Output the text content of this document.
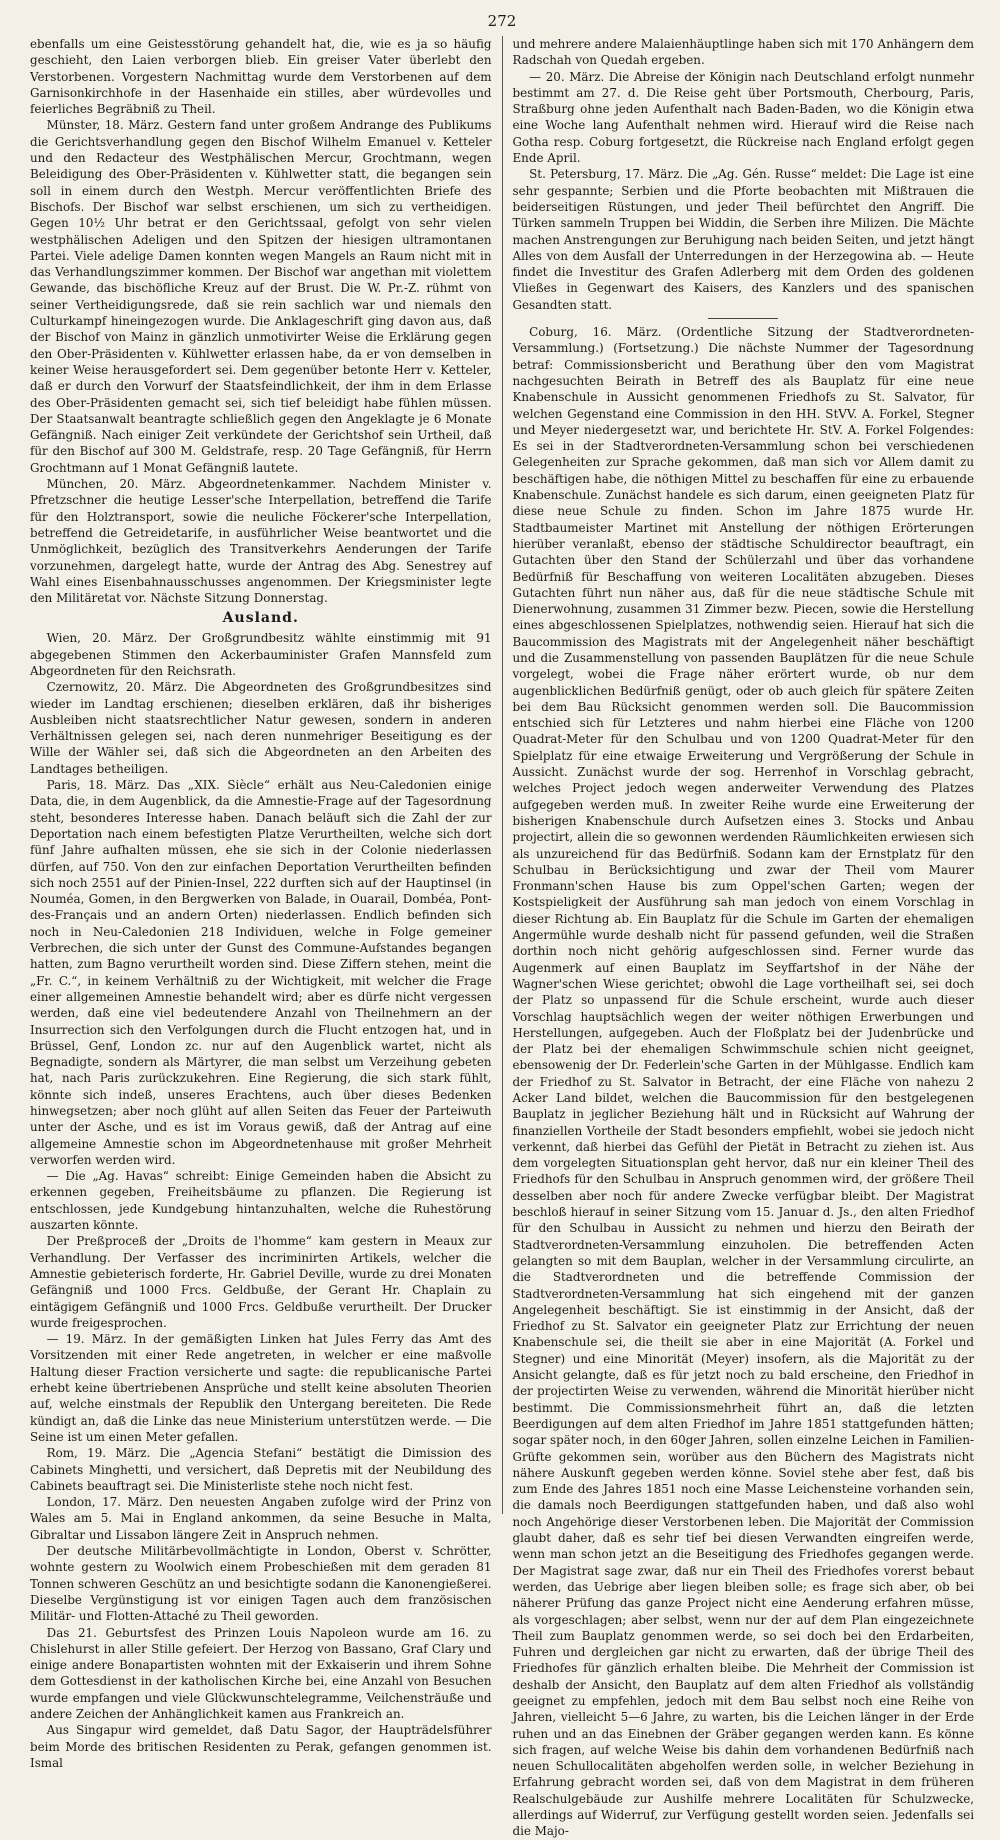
272

ebenfalls um eine Geistesstörung gehandelt hat, die, wie es ja so häufig geschieht, den Laien verborgen blieb. Ein greiser Vater überlebt den Verstorbenen. Vorgestern Nachmittag wurde dem Verstorbenen auf dem Garnisonkirchhofe in der Hasenhaide ein stilles, aber würdevolles und feierliches Begräbniß zu Theil.

Münster, 18. März. Gestern fand unter großem Andrange des Publikums die Gerichtsverhandlung gegen den Bischof Wilhelm Emanuel v. Ketteler und den Redacteur des Westphälischen Mercur, Grochtmann, wegen Beleidigung des Ober-Präsidenten v. Kühlwetter statt, die begangen sein soll in einem durch den Westph. Mercur veröffentlichten Briefe des Bischofs. Der Bischof war selbst erschienen, um sich zu vertheidigen. Gegen 10½ Uhr betrat er den Gerichtssaal, gefolgt von sehr vielen westphälischen Adeligen und den Spitzen der hiesigen ultramontanen Partei. Viele adelige Damen konnten wegen Mangels an Raum nicht mit in das Verhandlungszimmer kommen. Der Bischof war angethan mit violettem Gewande, das bischöfliche Kreuz auf der Brust. Die W. Pr.-Z. rühmt von seiner Vertheidigungsrede, daß sie rein sachlich war und niemals den Culturkampf hineingezogen wurde. Die Anklageschrift ging davon aus, daß der Bischof von Mainz in gänzlich unmotivirter Weise die Erklärung gegen den Ober-Präsidenten v. Kühlwetter erlassen habe, da er von demselben in keiner Weise herausgefordert sei. Dem gegenüber betonte Herr v. Ketteler, daß er durch den Vorwurf der Staatsfeindlichkeit, der ihm in dem Erlasse des Ober-Präsidenten gemacht sei, sich tief beleidigt habe fühlen müssen. Der Staatsanwalt beantragte schließlich gegen den Angeklagte je 6 Monate Gefängniß. Nach einiger Zeit verkündete der Gerichtshof sein Urtheil, daß für den Bischof auf 300 M. Geldstrafe, resp. 20 Tage Gefängniß, für Herrn Grochtmann auf 1 Monat Gefängniß lautete.

München, 20. März. Abgeordnetenkammer. Nachdem Minister v. Pfretzschner die heutige Lesser'sche Interpellation, betreffend die Tarife für den Holztransport, sowie die neuliche Föckerer'sche Interpellation, betreffend die Getreidetarife, in ausführlicher Weise beantwortet und die Unmöglichkeit, bezüglich des Transitverkehrs Aenderungen der Tarife vorzunehmen, dargelegt hatte, wurde der Antrag des Abg. Senestrey auf Wahl eines Eisenbahnausschusses angenommen. Der Kriegsminister legte den Militäretat vor. Nächste Sitzung Donnerstag.

Ausland.

Wien, 20. März. Der Großgrundbesitz wählte einstimmig mit 91 abgegebenen Stimmen den Ackerbauminister Grafen Mannsfeld zum Abgeordneten für den Reichsrath.

Czernowitz, 20. März. Die Abgeordneten des Großgrundbesitzes sind wieder im Landtag erschienen; dieselben erklären, daß ihr bisheriges Ausbleiben nicht staatsrechtlicher Natur gewesen, sondern in anderen Verhältnissen gelegen sei, nach deren nunmehriger Beseitigung es der Wille der Wähler sei, daß sich die Abgeordneten an den Arbeiten des Landtages betheiligen.

Paris, 18. März. Das „XIX. Siècle“ erhält aus Neu-Caledonien einige Data, die, in dem Augenblick, da die Amnestie-Frage auf der Tagesordnung steht, besonderes Interesse haben. Danach beläuft sich die Zahl der zur Deportation nach einem befestigten Platze Verurtheilten, welche sich dort fünf Jahre aufhalten müssen, ehe sie sich in der Colonie niederlassen dürfen, auf 750. Von den zur einfachen Deportation Verurtheilten befinden sich noch 2551 auf der Pinien-Insel, 222 durften sich auf der Hauptinsel (in Nouméa, Gomen, in den Bergwerken von Balade, in Ouarail, Dombéa, Pont-des-Français und an andern Orten) niederlassen. Endlich befinden sich noch in Neu-Caledonien 218 Individuen, welche in Folge gemeiner Verbrechen, die sich unter der Gunst des Commune-Aufstandes begangen hatten, zum Bagno verurtheilt worden sind. Diese Ziffern stehen, meint die „Fr. C.“, in keinem Verhältniß zu der Wichtigkeit, mit welcher die Frage einer allgemeinen Amnestie behandelt wird; aber es dürfe nicht vergessen werden, daß eine viel bedeutendere Anzahl von Theilnehmern an der Insurrection sich den Verfolgungen durch die Flucht entzogen hat, und in Brüssel, Genf, London zc. nur auf den Augenblick wartet, nicht als Begnadigte, sondern als Märtyrer, die man selbst um Verzeihung gebeten hat, nach Paris zurückzukehren. Eine Regierung, die sich stark fühlt, könnte sich indeß, unseres Erachtens, auch über dieses Bedenken hinwegsetzen; aber noch glüht auf allen Seiten das Feuer der Parteiwuth unter der Asche, und es ist im Voraus gewiß, daß der Antrag auf eine allgemeine Amnestie schon im Abgeordnetenhause mit großer Mehrheit verworfen werden wird.

— Die „Ag. Havas“ schreibt: Einige Gemeinden haben die Absicht zu erkennen gegeben, Freiheitsbäume zu pflanzen. Die Regierung ist entschlossen, jede Kundgebung hintanzuhalten, welche die Ruhestörung auszarten könnte.

Der Preßproceß der „Droits de l'homme“ kam gestern in Meaux zur Verhandlung. Der Verfasser des incriminirten Artikels, welcher die Amnestie gebieterisch forderte, Hr. Gabriel Deville, wurde zu drei Monaten Gefängniß und 1000 Frcs. Geldbuße, der Gerant Hr. Chaplain zu eintägigem Gefängniß und 1000 Frcs. Geldbuße verurtheilt. Der Drucker wurde freigesprochen.

— 19. März. In der gemäßigten Linken hat Jules Ferry das Amt des Vorsitzenden mit einer Rede angetreten, in welcher er eine maßvolle Haltung dieser Fraction versicherte und sagte: die republicanische Partei erhebt keine übertriebenen Ansprüche und stellt keine absoluten Theorien auf, welche einstmals der Republik den Untergang bereiteten. Die Rede kündigt an, daß die Linke das neue Ministerium unterstützen werde. — Die Seine ist um einen Meter gefallen.

Rom, 19. März. Die „Agencia Stefani“ bestätigt die Dimission des Cabinets Minghetti, und versichert, daß Depretis mit der Neubildung des Cabinets beauftragt sei. Die Ministerliste stehe noch nicht fest.

London, 17. März. Den neuesten Angaben zufolge wird der Prinz von Wales am 5. Mai in England ankommen, da seine Besuche in Malta, Gibraltar und Lissabon längere Zeit in Anspruch nehmen.

Der deutsche Militärbevollmächtigte in London, Oberst v. Schrötter, wohnte gestern zu Woolwich einem Probeschießen mit dem geraden 81 Tonnen schweren Geschütz an und besichtigte sodann die Kanonengießerei. Dieselbe Vergünstigung ist vor einigen Tagen auch dem französischen Militär- und Flotten-Attaché zu Theil geworden.

Das 21. Geburtsfest des Prinzen Louis Napoleon wurde am 16. zu Chislehurst in aller Stille gefeiert. Der Herzog von Bassano, Graf Clary und einige andere Bonapartisten wohnten mit der Exkaiserin und ihrem Sohne dem Gottesdienst in der katholischen Kirche bei, eine Anzahl von Besuchen wurde empfangen und viele Glückwunschtelegramme, Veilchensträuße und andere Zeichen der Anhänglichkeit kamen aus Frankreich an.

Aus Singapur wird gemeldet, daß Datu Sagor, der Haupträdelsführer beim Morde des britischen Residenten zu Perak, gefangen genommen ist. Ismal

und mehrere andere Malaienhäuptlinge haben sich mit 170 Anhängern dem Radschah von Quedah ergeben.

— 20. März. Die Abreise der Königin nach Deutschland erfolgt nunmehr bestimmt am 27. d. Die Reise geht über Portsmouth, Cherbourg, Paris, Straßburg ohne jeden Aufenthalt nach Baden-Baden, wo die Königin etwa eine Woche lang Aufenthalt nehmen wird. Hierauf wird die Reise nach Gotha resp. Coburg fortgesetzt, die Rückreise nach England erfolgt gegen Ende April.

St. Petersburg, 17. März. Die „Ag. Gén. Russe“ meldet: Die Lage ist eine sehr gespannte; Serbien und die Pforte beobachten mit Mißtrauen die beiderseitigen Rüstungen, und jeder Theil befürchtet den Angriff. Die Türken sammeln Truppen bei Widdin, die Serben ihre Milizen. Die Mächte machen Anstrengungen zur Beruhigung nach beiden Seiten, und jetzt hängt Alles von dem Ausfall der Unterredungen in der Herzegowina ab. — Heute findet die Investitur des Grafen Adlerberg mit dem Orden des goldenen Vließes in Gegenwart des Kaisers, des Kanzlers und des spanischen Gesandten statt.

Coburg, 16. März. (Ordentliche Sitzung der Stadtverordneten-Versammlung.) (Fortsetzung.) Die nächste Nummer der Tagesordnung betraf: Commissionsbericht und Berathung über den vom Magistrat nachgesuchten Beirath in Betreff des als Bauplatz für eine neue Knabenschule in Aussicht genommenen Friedhofs zu St. Salvator, für welchen Gegenstand eine Commission in den HH. StVV. A. Forkel, Stegner und Meyer niedergesetzt war, und berichtete Hr. StV. A. Forkel Folgendes: Es sei in der Stadtverordneten-Versammlung schon bei verschiedenen Gelegenheiten zur Sprache gekommen, daß man sich vor Allem damit zu beschäftigen habe, die nöthigen Mittel zu beschaffen für eine zu erbauende Knabenschule. Zunächst handele es sich darum, einen geeigneten Platz für diese neue Schule zu finden. Schon im Jahre 1875 wurde Hr. Stadtbaumeister Martinet mit Anstellung der nöthigen Erörterungen hierüber veranlaßt, ebenso der städtische Schuldirector beauftragt, ein Gutachten über den Stand der Schülerzahl und über das vorhandene Bedürfniß für Beschaffung von weiteren Localitäten abzugeben. Dieses Gutachten führt nun näher aus, daß für die neue städtische Schule mit Dienerwohnung, zusammen 31 Zimmer bezw. Piecen, sowie die Herstellung eines abgeschlossenen Spielplatzes, nothwendig seien. Hierauf hat sich die Baucommission des Magistrats mit der Angelegenheit näher beschäftigt und die Zusammenstellung von passenden Bauplätzen für die neue Schule vorgelegt, wobei die Frage näher erörtert wurde, ob nur dem augenblicklichen Bedürfniß genügt, oder ob auch gleich für spätere Zeiten bei dem Bau Rücksicht genommen werden soll. Die Baucommission entschied sich für Letzteres und nahm hierbei eine Fläche von 1200 Quadrat-Meter für den Schulbau und von 1200 Quadrat-Meter für den Spielplatz für eine etwaige Erweiterung und Vergrößerung der Schule in Aussicht. Zunächst wurde der sog. Herrenhof in Vorschlag gebracht, welches Project jedoch wegen anderweiter Verwendung des Platzes aufgegeben werden muß. In zweiter Reihe wurde eine Erweiterung der bisherigen Knabenschule durch Aufsetzen eines 3. Stocks und Anbau projectirt, allein die so gewonnen werdenden Räumlichkeiten erwiesen sich als unzureichend für das Bedürfniß. Sodann kam der Ernstplatz für den Schulbau in Berücksichtigung und zwar der Theil vom Maurer Fronmann'schen Hause bis zum Oppel'schen Garten; wegen der Kostspieligkeit der Ausführung sah man jedoch von einem Vorschlag in dieser Richtung ab. Ein Bauplatz für die Schule im Garten der ehemaligen Angermühle wurde deshalb nicht für passend gefunden, weil die Straßen dorthin noch nicht gehörig aufgeschlossen sind. Ferner wurde das Augenmerk auf einen Bauplatz im Seyffartshof in der Nähe der Wagner'schen Wiese gerichtet; obwohl die Lage vortheilhaft sei, sei doch der Platz so unpassend für die Schule erscheint, wurde auch dieser Vorschlag hauptsächlich wegen der weiter nöthigen Erwerbungen und Herstellungen, aufgegeben. Auch der Floßplatz bei der Judenbrücke und der Platz bei der ehemaligen Schwimmschule schien nicht geeignet, ebensowenig der Dr. Federlein'sche Garten in der Mühlgasse. Endlich kam der Friedhof zu St. Salvator in Betracht, der eine Fläche von nahezu 2 Acker Land bildet, welchen die Baucommission für den bestgelegenen Bauplatz in jeglicher Beziehung hält und in Rücksicht auf Wahrung der finanziellen Vortheile der Stadt besonders empfiehlt, wobei sie jedoch nicht verkennt, daß hierbei das Gefühl der Pietät in Betracht zu ziehen ist. Aus dem vorgelegten Situationsplan geht hervor, daß nur ein kleiner Theil des Friedhofs für den Schulbau in Anspruch genommen wird, der größere Theil desselben aber noch für andere Zwecke verfügbar bleibt. Der Magistrat beschloß hierauf in seiner Sitzung vom 15. Januar d. Js., den alten Friedhof für den Schulbau in Aussicht zu nehmen und hierzu den Beirath der Stadtverordneten-Versammlung einzuholen. Die betreffenden Acten gelangten so mit dem Bauplan, welcher in der Versammlung circulirte, an die Stadtverordneten und die betreffende Commission der Stadtverordneten-Versammlung hat sich eingehend mit der ganzen Angelegenheit beschäftigt. Sie ist einstimmig in der Ansicht, daß der Friedhof zu St. Salvator ein geeigneter Platz zur Errichtung der neuen Knabenschule sei, die theilt sie aber in eine Majorität (A. Forkel und Stegner) und eine Minorität (Meyer) insofern, als die Majorität zu der Ansicht gelangte, daß es für jetzt noch zu bald erscheine, den Friedhof in der projectirten Weise zu verwenden, während die Minorität hierüber nicht bestimmt. Die Commissionsmehrheit führt an, daß die letzten Beerdigungen auf dem alten Friedhof im Jahre 1851 stattgefunden hätten; sogar später noch, in den 60ger Jahren, sollen einzelne Leichen in Familien-Grüfte gekommen sein, worüber aus den Büchern des Magistrats nicht nähere Auskunft gegeben werden könne. Soviel stehe aber fest, daß bis zum Ende des Jahres 1851 noch eine Masse Leichensteine vorhanden sein, die damals noch Beerdigungen stattgefunden haben, und daß also wohl noch Angehörige dieser Verstorbenen leben. Die Majorität der Commission glaubt daher, daß es sehr tief bei diesen Verwandten eingreifen werde, wenn man schon jetzt an die Beseitigung des Friedhofes gegangen werde. Der Magistrat sage zwar, daß nur ein Theil des Friedhofes vorerst bebaut werden, das Uebrige aber liegen bleiben solle; es frage sich aber, ob bei näherer Prüfung das ganze Project nicht eine Aenderung erfahren müsse, als vorgeschlagen; aber selbst, wenn nur der auf dem Plan eingezeichnete Theil zum Bauplatz genommen werde, so sei doch bei den Erdarbeiten, Fuhren und dergleichen gar nicht zu erwarten, daß der übrige Theil des Friedhofes für gänzlich erhalten bleibe. Die Mehrheit der Commission ist deshalb der Ansicht, den Bauplatz auf dem alten Friedhof als vollständig geeignet zu empfehlen, jedoch mit dem Bau selbst noch eine Reihe von Jahren, vielleicht 5—6 Jahre, zu warten, bis die Leichen länger in der Erde ruhen und an das Einebnen der Gräber gegangen werden kann. Es könne sich fragen, auf welche Weise bis dahin dem vorhandenen Bedürfniß nach neuen Schullocalitäten abgeholfen werden solle, in welcher Beziehung in Erfahrung gebracht worden sei, daß von dem Magistrat in dem früheren Realschulgebäude zur Aushilfe mehrere Localitäten für Schulzwecke, allerdings auf Widerruf, zur Verfügung gestellt worden seien. Jedenfalls sei die Majo-
